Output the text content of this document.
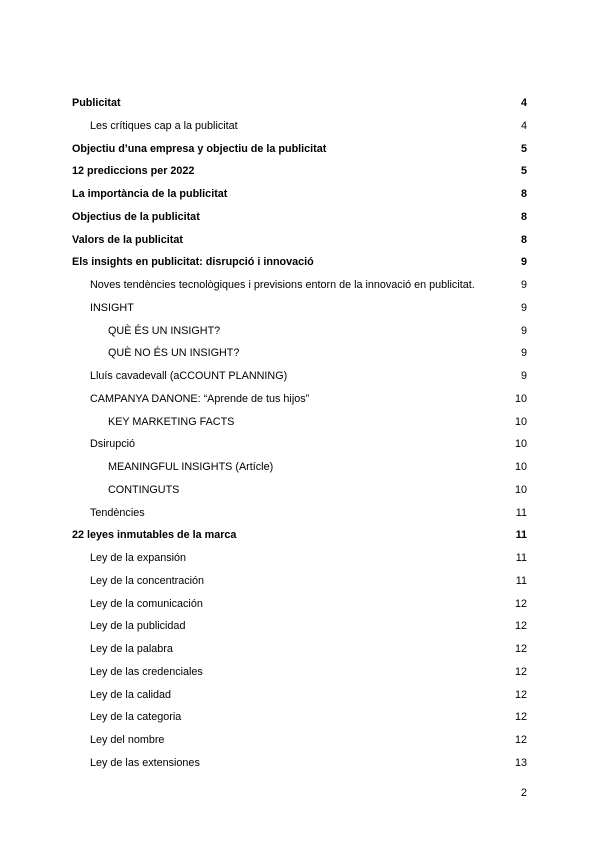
Publicitat	4
Les crítiques cap a la publicitat	4
Objectiu d’una empresa y objectiu de la publicitat	5
12 prediccions per 2022	5
La importància de la publicitat	8
Objectius de la publicitat	8
Valors de la publicitat	8
Els insights en publicitat: disrupció i innovació	9
Noves tendències tecnològiques i previsions entorn de la innovació en publicitat.	9
INSIGHT	9
QUÈ ÉS UN INSIGHT?	9
QUÈ NO ÉS UN INSIGHT?	9
Lluís cavadevall (aCCOUNT PLANNING)	9
CAMPANYA DANONE: “Aprende de tus hijos”	10
KEY MARKETING FACTS	10
Dsirupció	10
MEANINGFUL INSIGHTS (Artícle)	10
CONTINGUTS	10
Tendències	11
22 leyes inmutables de la marca	11
Ley de la expansión	11
Ley de la concentración	11
Ley de la comunicación	12
Ley de la publicidad	12
Ley de la palabra	12
Ley de las credenciales	12
Ley de la calidad	12
Ley de la categoria	12
Ley del nombre	12
Ley de las extensiones	13
2
